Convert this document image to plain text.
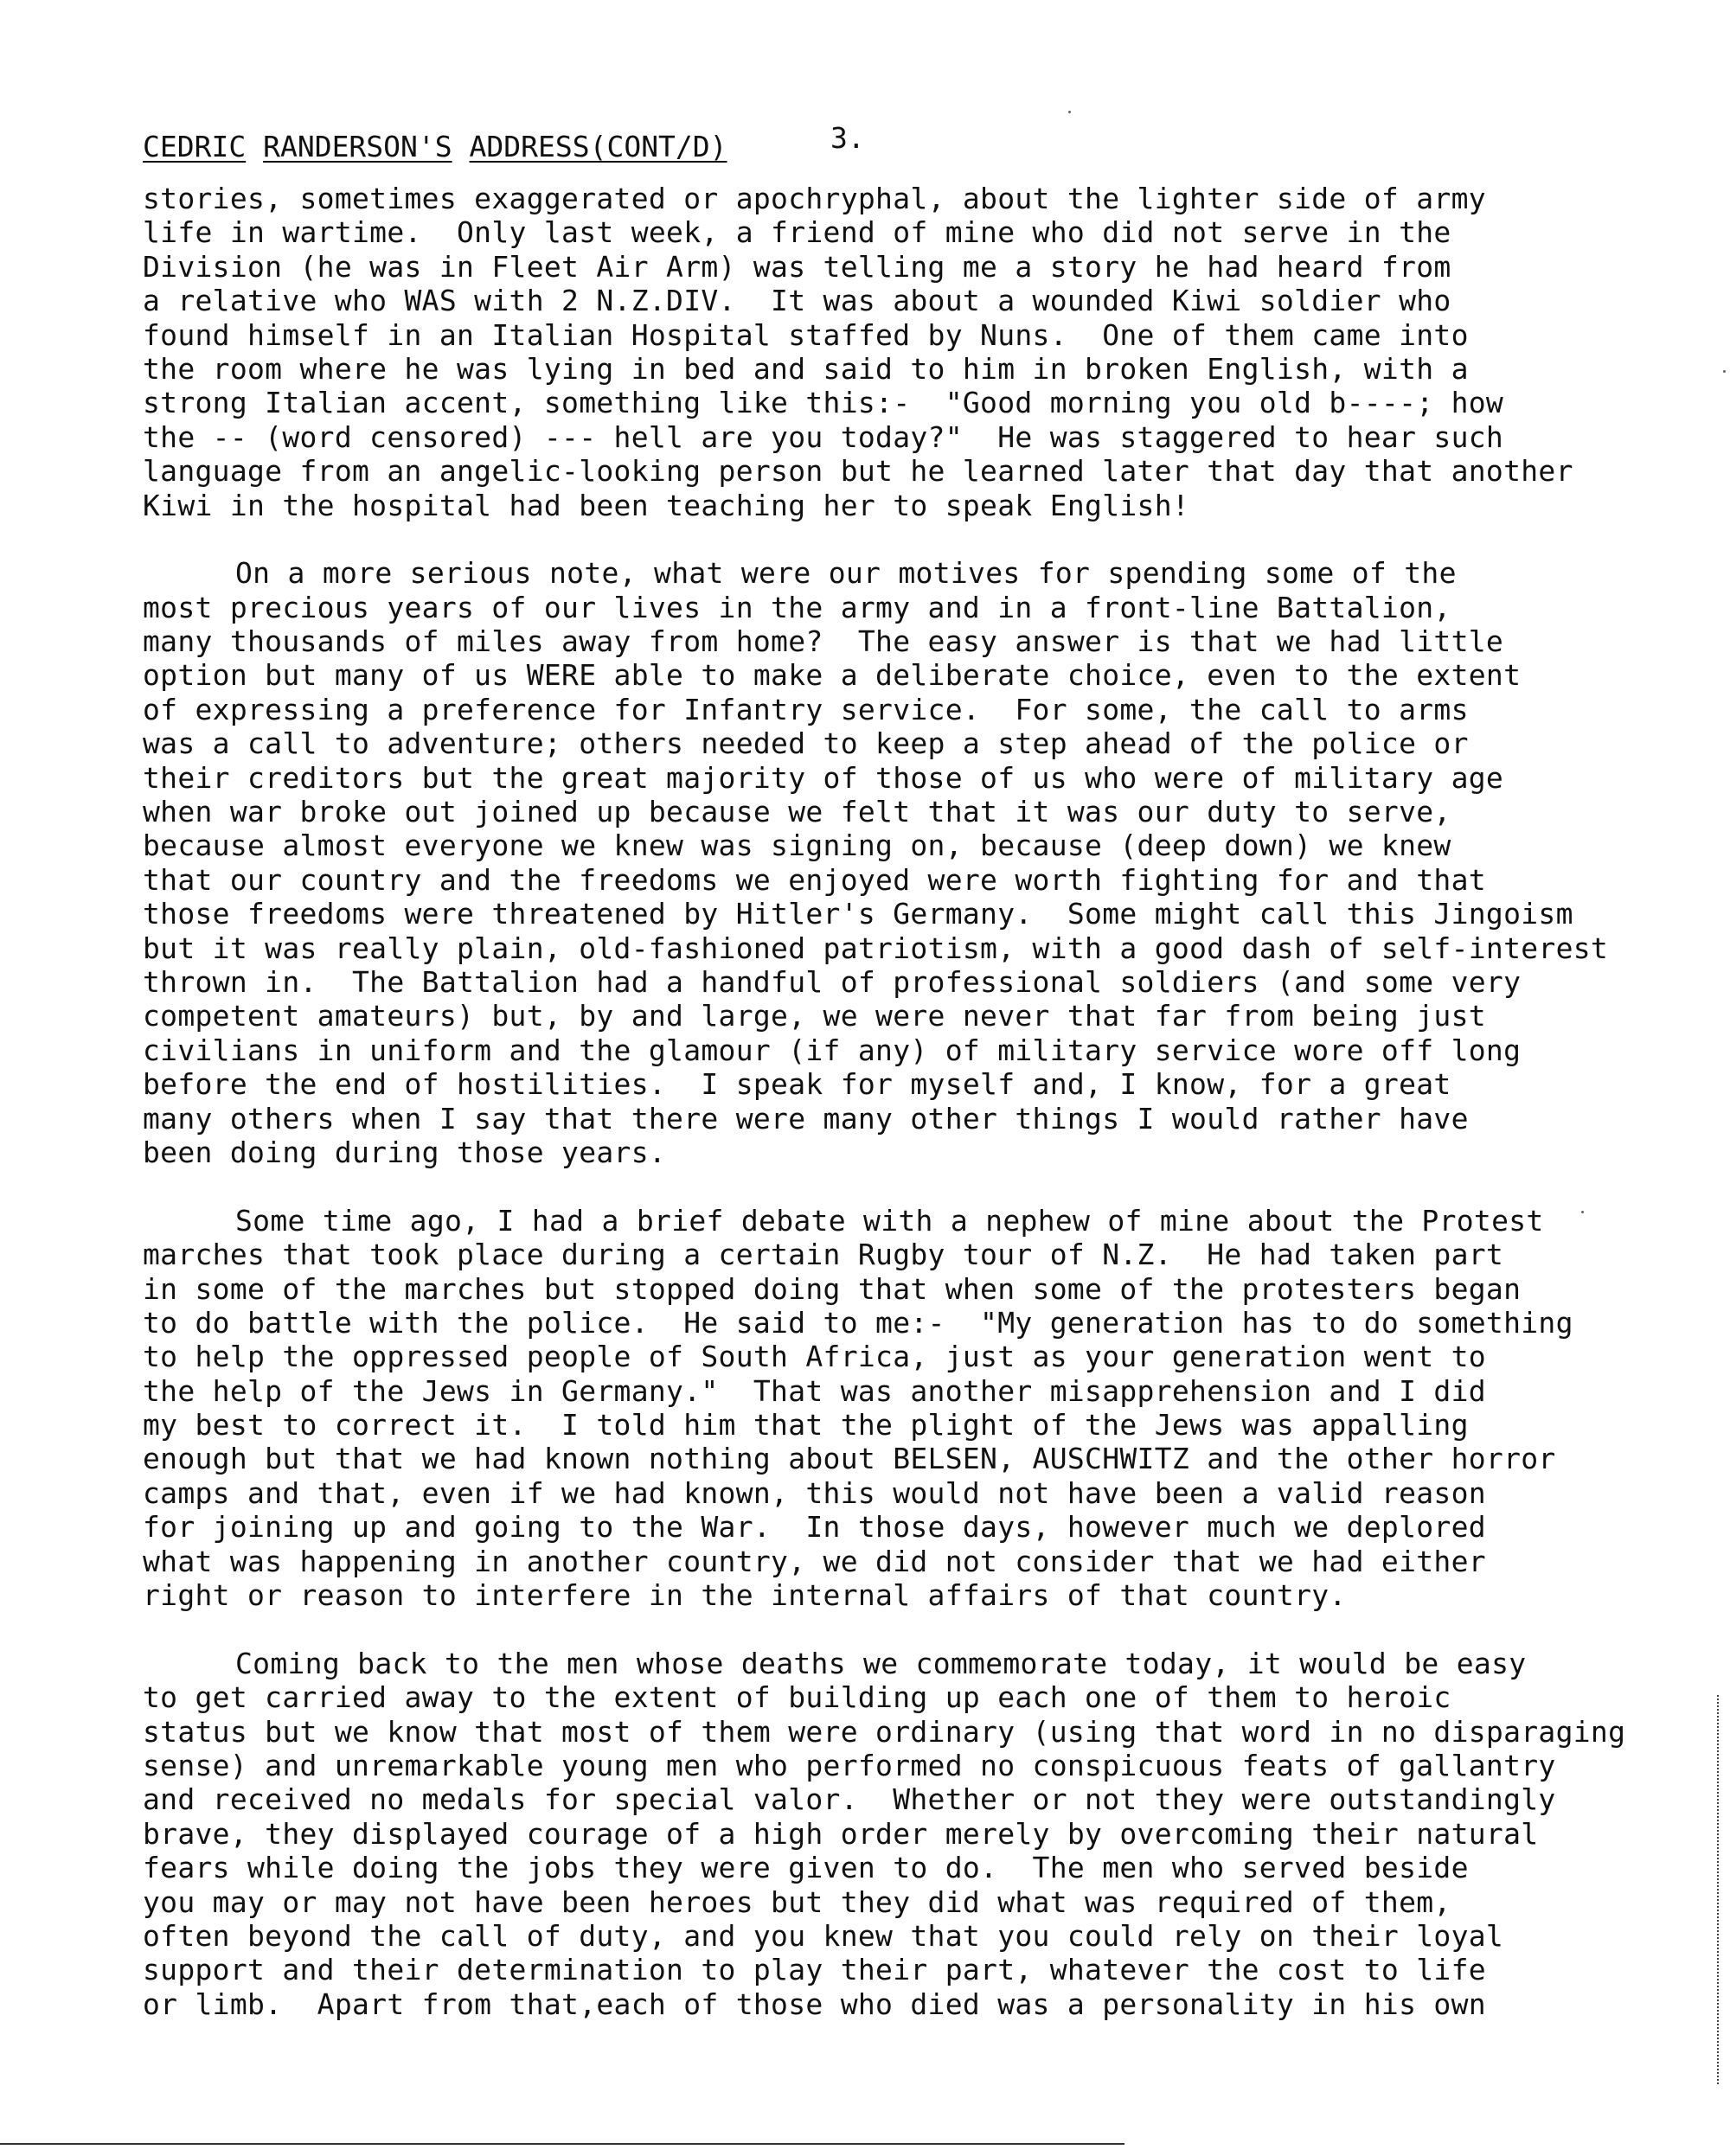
CEDRIC RANDERSON'S ADDRESS(CONT/D)	3.
stories, sometimes exaggerated or apochryphal, about the lighter side of army
life in wartime.  Only last week, a friend of mine who did not serve in the
Division (he was in Fleet Air Arm) was telling me a story he had heard from
a relative who WAS with 2 N.Z.DIV.  It was about a wounded Kiwi soldier who
found himself in an Italian Hospital staffed by Nuns.  One of them came into
the room where he was lying in bed and said to him in broken English, with a
strong Italian accent, something like this:-  "Good morning you old b----; how
the -- (word censored) --- hell are you today?"  He was staggered to hear such
language from an angelic-looking person but he learned later that day that another
Kiwi in the hospital had been teaching her to speak English!
On a more serious note, what were our motives for spending some of the
most precious years of our lives in the army and in a front-line Battalion,
many thousands of miles away from home?  The easy answer is that we had little
option but many of us WERE able to make a deliberate choice, even to the extent
of expressing a preference for Infantry service.  For some, the call to arms
was a call to adventure; others needed to keep a step ahead of the police or
their creditors but the great majority of those of us who were of military age
when war broke out joined up because we felt that it was our duty to serve,
because almost everyone we knew was signing on, because (deep down) we knew
that our country and the freedoms we enjoyed were worth fighting for and that
those freedoms were threatened by Hitler's Germany.  Some might call this Jingoism
but it was really plain, old-fashioned patriotism, with a good dash of self-interest
thrown in.  The Battalion had a handful of professional soldiers (and some very
competent amateurs) but, by and large, we were never that far from being just
civilians in uniform and the glamour (if any) of military service wore off long
before the end of hostilities.  I speak for myself and, I know, for a great
many others when I say that there were many other things I would rather have
been doing during those years.
Some time ago, I had a brief debate with a nephew of mine about the Protest
marches that took place during a certain Rugby tour of N.Z.  He had taken part
in some of the marches but stopped doing that when some of the protesters began
to do battle with the police.  He said to me:-  "My generation has to do something
to help the oppressed people of South Africa, just as your generation went to
the help of the Jews in Germany."  That was another misapprehension and I did
my best to correct it.  I told him that the plight of the Jews was appalling
enough but that we had known nothing about BELSEN, AUSCHWITZ and the other horror
camps and that, even if we had known, this would not have been a valid reason
for joining up and going to the War.  In those days, however much we deplored
what was happening in another country, we did not consider that we had either
right or reason to interfere in the internal affairs of that country.
Coming back to the men whose deaths we commemorate today, it would be easy
to get carried away to the extent of building up each one of them to heroic
status but we know that most of them were ordinary (using that word in no disparaging
sense) and unremarkable young men who performed no conspicuous feats of gallantry
and received no medals for special valor.  Whether or not they were outstandingly
brave, they displayed courage of a high order merely by overcoming their natural
fears while doing the jobs they were given to do.  The men who served beside
you may or may not have been heroes but they did what was required of them,
often beyond the call of duty, and you knew that you could rely on their loyal
support and their determination to play their part, whatever the cost to life
or limb.  Apart from that,each of those who died was a personality in his own
